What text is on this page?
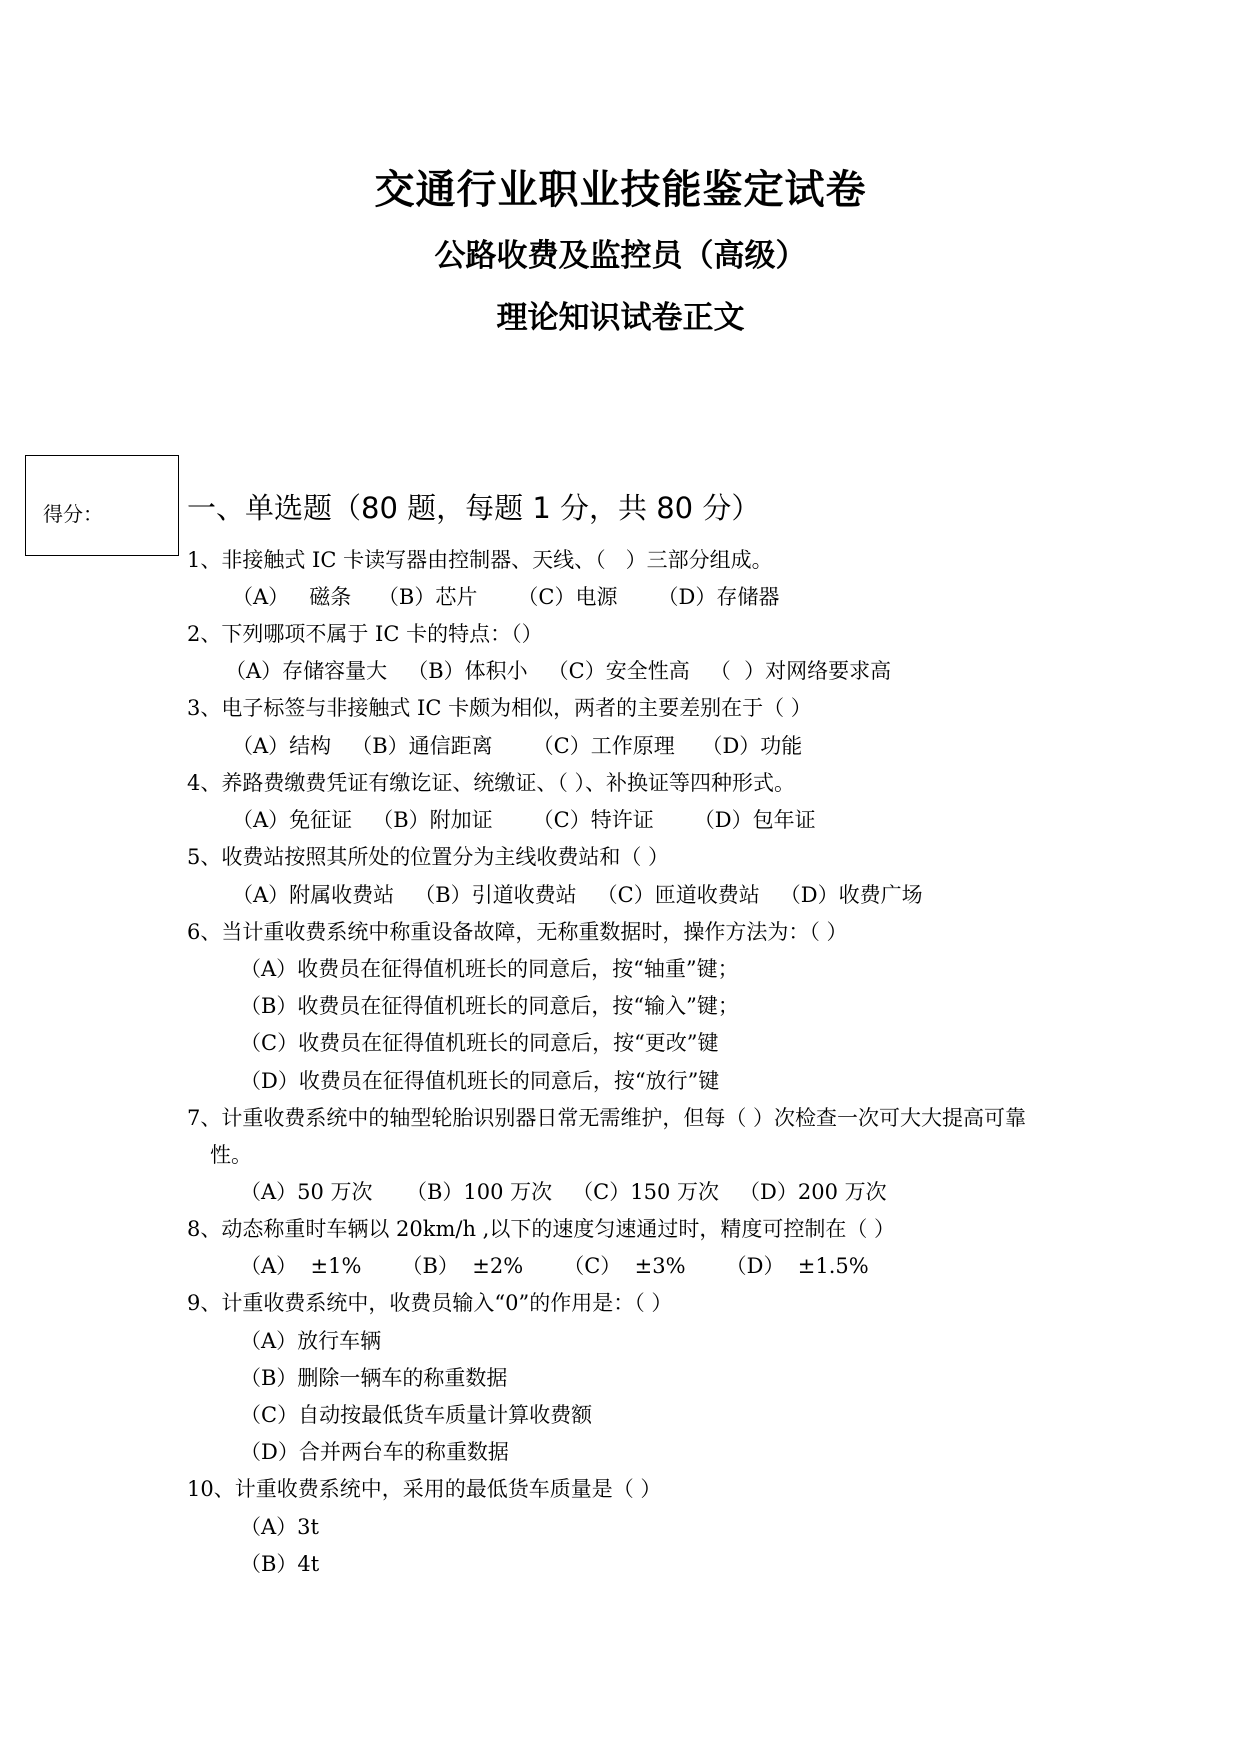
交通行业职业技能鉴定试卷
公路收费及监控员（高级）
理论知识试卷正文
得分：	一、单选题（80 题，每题 1 分，共 80 分）
1、非接触式 IC 卡读写器由控制器、天线、（   ）三部分组成。
（A）   磁条    （B）芯片      （C）电源      （D）存储器
2、下列哪项不属于 IC 卡的特点：（）
（A）存储容量大   （B）体积小   （C）安全性高   （  ）对网络要求高
3、电子标签与非接触式 IC 卡颇为相似，两者的主要差别在于（ ）
（A）结构   （B）通信距离      （C）工作原理    （D）功能
4、养路费缴费凭证有缴讫证、统缴证、（ ）、补换证等四种形式。
（A）免征证   （B）附加证      （C）特许证      （D）包年证
5、收费站按照其所处的位置分为主线收费站和（ ）
（A）附属收费站   （B）引道收费站   （C）匝道收费站   （D）收费广场
6、当计重收费系统中称重设备故障，无称重数据时，操作方法为：（ ）
（A）收费员在征得值机班长的同意后，按“轴重”键；
（B）收费员在征得值机班长的同意后，按“输入”键；
（C）收费员在征得值机班长的同意后，按“更改”键
（D）收费员在征得值机班长的同意后，按“放行”键
7、计重收费系统中的轴型轮胎识别器日常无需维护，但每（ ）次检查一次可大大提高可靠
性。
（A）50 万次     （B）100 万次   （C）150 万次   （D）200 万次
8、动态称重时车辆以 20km/h ,以下的速度匀速通过时，精度可控制在（ ）
（A）  ±1%      （B）  ±2%      （C）  ±3%      （D）  ±1.5%
9、计重收费系统中，收费员输入“0”的作用是：（ ）
（A）放行车辆
（B）删除一辆车的称重数据
（C）自动按最低货车质量计算收费额
（D）合并两台车的称重数据
10、计重收费系统中，采用的最低货车质量是（ ）
（A）3t
（B）4t
